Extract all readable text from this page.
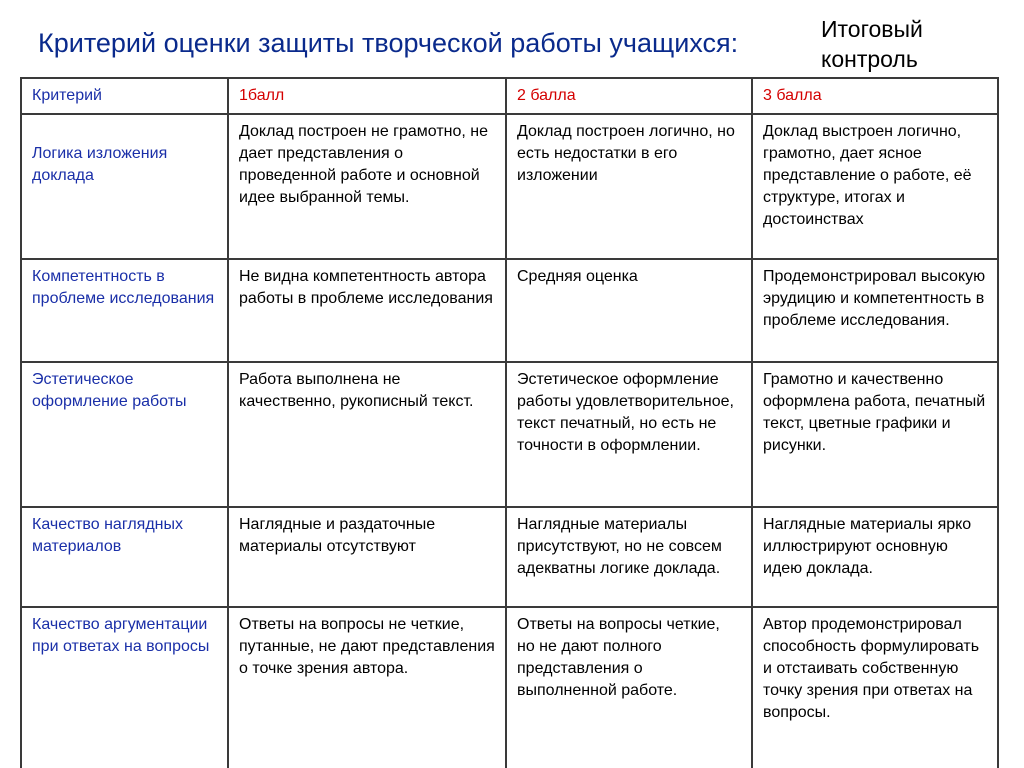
Критерий оценки защиты творческой работы учащихся:	Итоговый
контроль
Критерий	1балл	2 балла	3 балла

Логика изложения доклада	Доклад построен не грамотно, не дает представления о проведенной работе и основной идее выбранной темы.	Доклад построен логично, но есть недостатки в его изложении	Доклад выстроен логично, грамотно, дает ясное представление о работе, её структуре, итогах и достоинствах
Компетентность в проблеме исследования	Не видна компетентность автора работы в проблеме исследования	Средняя оценка	Продемонстрировал высокую эрудицию и компетентность в проблеме исследования.
Эстетическое оформление работы	Работа выполнена не качественно, рукописный текст.	Эстетическое оформление работы удовлетворительное, текст печатный, но есть не точности в оформлении.	Грамотно и качественно оформлена работа, печатный текст, цветные графики и рисунки.
Качество наглядных материалов	Наглядные и раздаточные материалы отсутствуют	Наглядные материалы присутствуют, но не совсем адекватны логике доклада.	Наглядные материалы ярко иллюстрируют основную идею доклада.
Качество аргументации при ответах на вопросы	Ответы на вопросы не четкие, путанные, не дают представления о точке зрения автора.	Ответы на вопросы четкие, но не дают полного представления о выполненной работе.	Автор продемонстрировал способность формулировать и отстаивать собственную точку зрения при ответах на вопросы.
